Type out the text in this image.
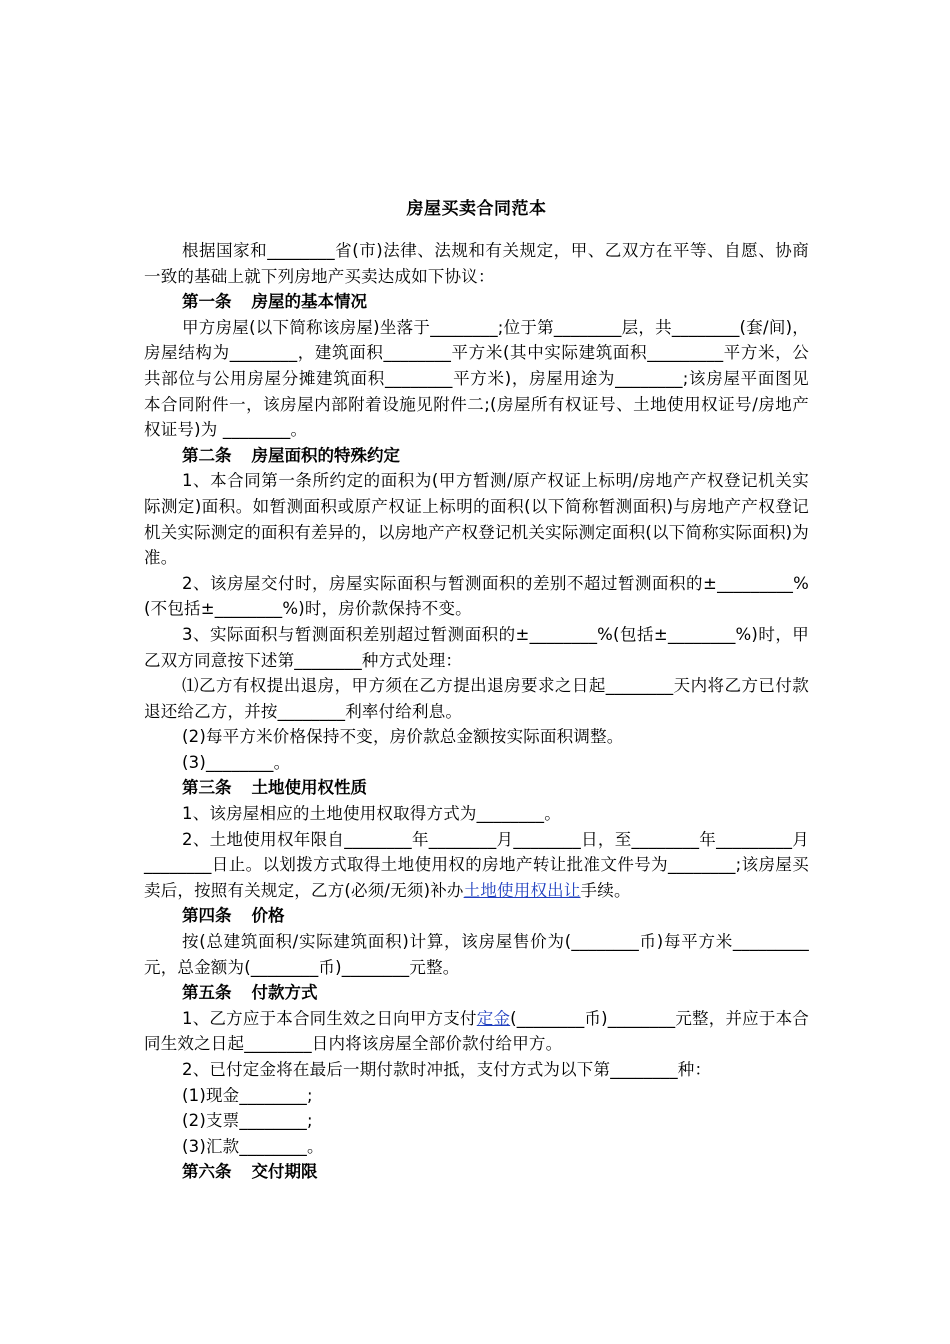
房屋买卖合同范本

根据国家和________省(市)法律、法规和有关规定，甲、乙双方在平等、自愿、协商一致的基础上就下列房地产买卖达成如下协议：

第一条 房屋的基本情况

甲方房屋(以下简称该房屋)坐落于________;位于第________层，共________(套/间)，房屋结构为________，建筑面积________平方米(其中实际建筑面积_________平方米，公共部位与公用房屋分摊建筑面积________平方米)，房屋用途为________;该房屋平面图见本合同附件一，该房屋内部附着设施见附件二;(房屋所有权证号、土地使用权证号/房地产权证号)为 ________。

第二条 房屋面积的特殊约定

1、本合同第一条所约定的面积为(甲方暂测/原产权证上标明/房地产产权登记机关实际测定)面积。如暂测面积或原产权证上标明的面积(以下简称暂测面积)与房地产产权登记机关实际测定的面积有差异的，以房地产产权登记机关实际测定面积(以下简称实际面积)为准。

2、该房屋交付时，房屋实际面积与暂测面积的差别不超过暂测面积的±_________%(不包括±________%)时，房价款保持不变。

3、实际面积与暂测面积差别超过暂测面积的±________%(包括±________%)时，甲乙双方同意按下述第________种方式处理：

⑴乙方有权提出退房，甲方须在乙方提出退房要求之日起________天内将乙方已付款退还给乙方，并按________利率付给利息。

(2)每平方米价格保持不变，房价款总金额按实际面积调整。

(3)________。

第三条 土地使用权性质

1、该房屋相应的土地使用权取得方式为________。

2、土地使用权年限自________年________月________日，至________年_________月________日止。以划拨方式取得土地使用权的房地产转让批准文件号为________;该房屋买卖后，按照有关规定，乙方(必须/无须)补办土地使用权出让手续。

第四条 价格

按(总建筑面积/实际建筑面积)计算，该房屋售价为(________币)每平方米_________元，总金额为(________币)________元整。

第五条 付款方式

1、乙方应于本合同生效之日向甲方支付定金(________币)________元整，并应于本合同生效之日起________日内将该房屋全部价款付给甲方。

2、已付定金将在最后一期付款时冲抵，支付方式为以下第________种：

(1)现金________;

(2)支票________;

(3)汇款________。

第六条 交付期限
